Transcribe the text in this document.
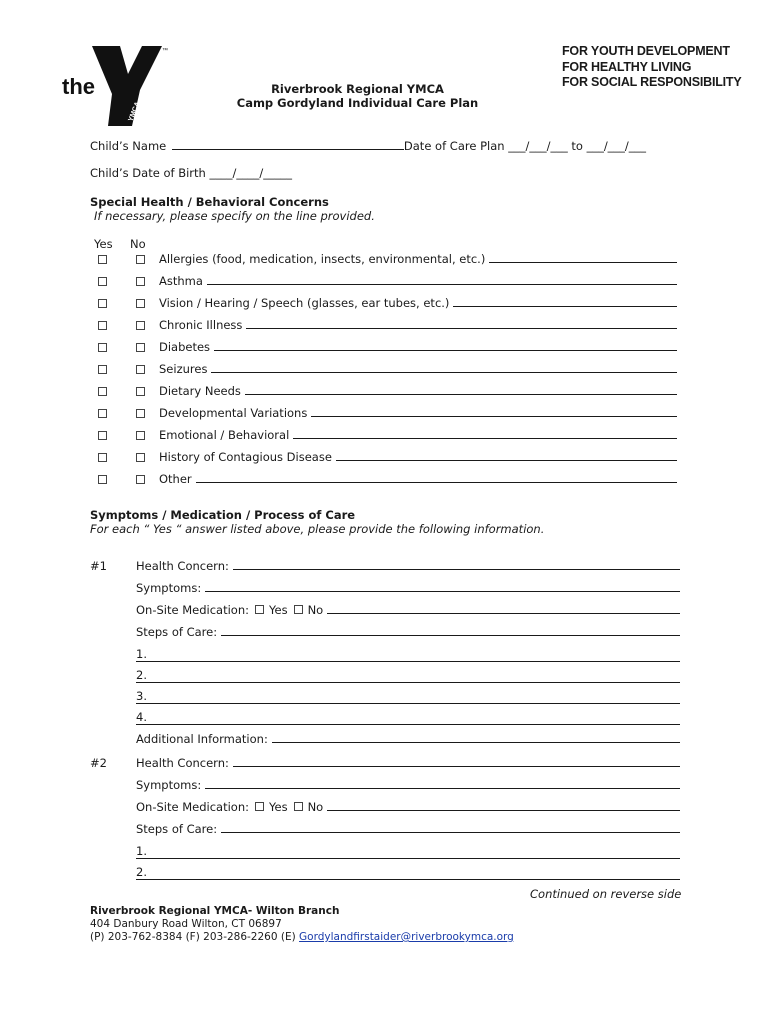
the
™
YMCA
FOR YOUTH DEVELOPMENT
FOR HEALTHY LIVING
FOR SOCIAL RESPONSIBILITY
Riverbrook Regional YMCA
Camp Gordyland Individual Care Plan
Child’s Name	Date of Care Plan ___/___/___ to ___/___/___
Child’s Date of Birth ____/____/_____
Special Health / Behavioral Concerns
If necessary, please specify on the line provided.
Yes No
Allergies (food, medication, insects, environmental, etc.)
Asthma
Vision / Hearing / Speech (glasses, ear tubes, etc.)
Chronic Illness
Diabetes
Seizures
Dietary Needs
Developmental Variations
Emotional / Behavioral
History of Contagious Disease
Other
Symptoms / Medication / Process of Care
For each “ Yes “ answer listed above, please provide the following information.
#1	Health Concern:
Symptoms:
On-Site Medication:	Yes	No
Steps of Care:
1.
2.
3.
4.
Additional Information:
#2	Health Concern:
Symptoms:
On-Site Medication:	Yes	No
Steps of Care:
1.
2.
Continued on reverse side
Riverbrook Regional YMCA- Wilton Branch
404 Danbury Road Wilton, CT 06897
(P) 203-762-8384 (F) 203-286-2260 (E) Gordylandfirstaider@riverbrookymca.org
